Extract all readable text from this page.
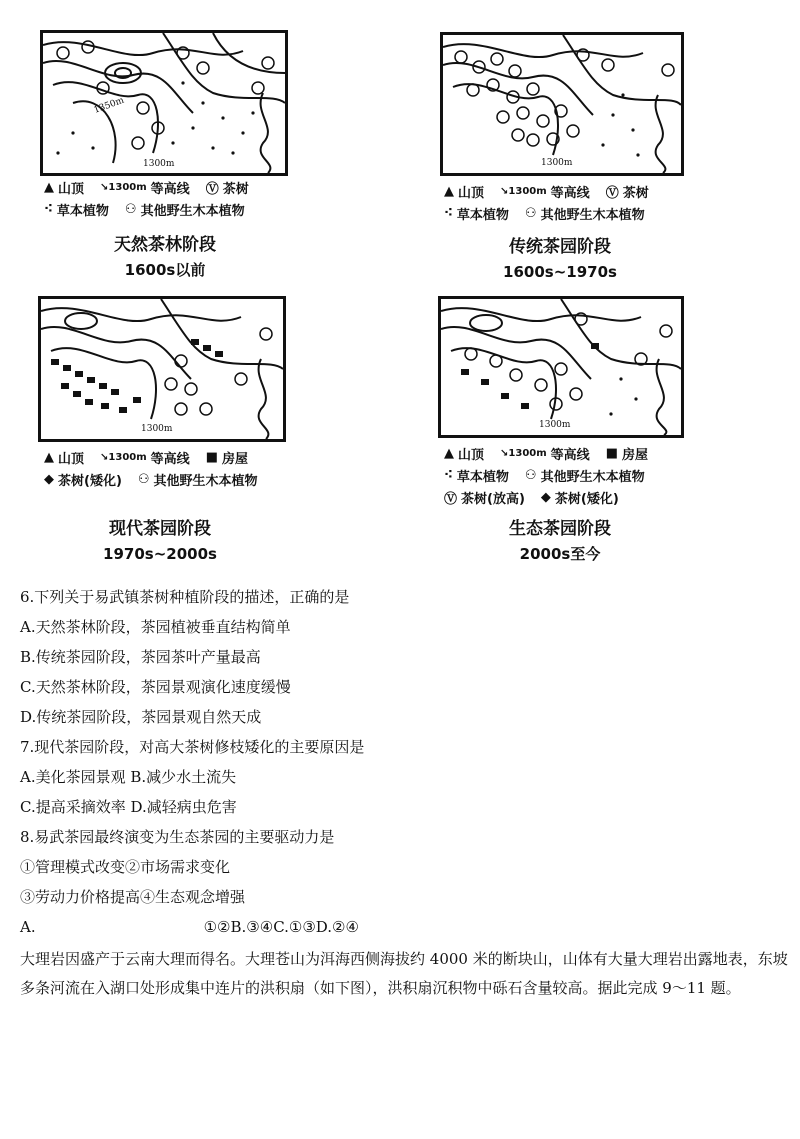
1350m
1300m
▲ 山顶 ↘1300m 等高线 Ⓥ 茶树
⁖ 草本植物 ⚇ 其他野生木本植物
天然茶林阶段
1600s以前
1300m
▲ 山顶 ↘1300m 等高线 Ⓥ 茶树
⁖ 草本植物 ⚇ 其他野生木本植物
传统茶园阶段
1600s~1970s
1300m
▲ 山顶 ↘1300m 等高线 ■ 房屋
◆ 茶树(矮化) ⚇ 其他野生木本植物
现代茶园阶段
1970s~2000s
1300m
▲ 山顶 ↘1300m 等高线 ■ 房屋
⁖ 草本植物 ⚇ 其他野生木本植物
Ⓥ 茶树(放高) ◆ 茶树(矮化)
生态茶园阶段
2000s至今

6.下列关于易武镇茶树种植阶段的描述，正确的是

A.天然茶林阶段，茶园植被垂直结构简单

B.传统茶园阶段，茶园茶叶产量最高

C.天然茶林阶段，茶园景观演化速度缓慢

D.传统茶园阶段，茶园景观自然天成

7.现代茶园阶段，对高大茶树修枝矮化的主要原因是

A.美化茶园景观 B.减少水土流失

C.提高采摘效率 D.减轻病虫危害

8.易武茶园最终演变为生态茶园的主要驱动力是

①管理模式改变②市场需求变化

③劳动力价格提高④生态观念增强

A.	①②B.③④C.①③D.②④

大理岩因盛产于云南大理而得名。大理苍山为洱海西侧海拔约 4000 米的断块山，山体有大量大理岩出露地表，东坡多条河流在入湖口处形成集中连片的洪积扇（如下图），洪积扇沉积物中砾石含量较高。据此完成 9～11 题。
